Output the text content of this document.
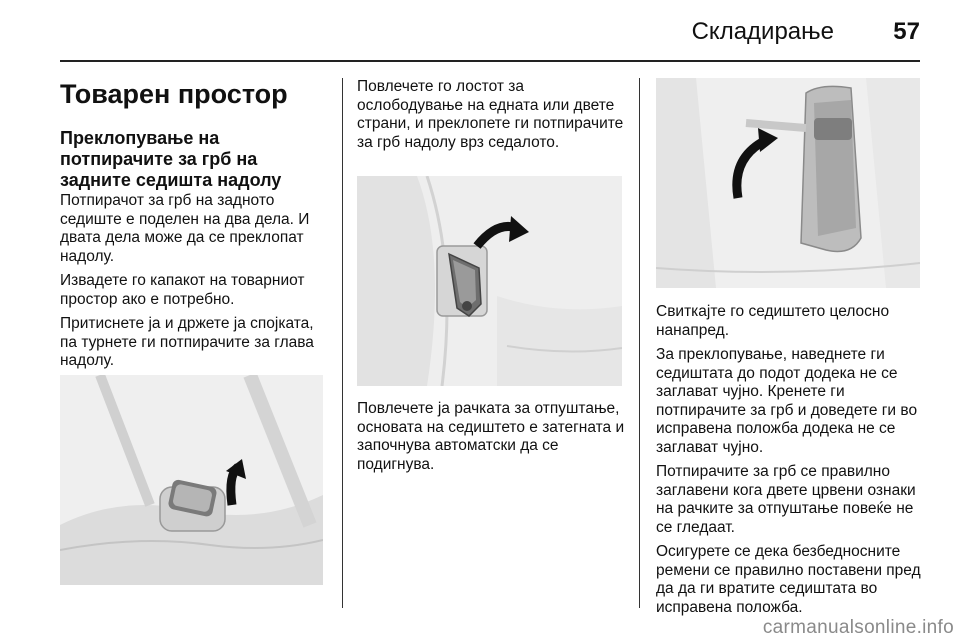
Складирање 57
Товарен простор
Преклопување на потпирачите за грб на задните седишта надолу

Потпирачот за грб на задното седиште е поделен на два дела. И двата дела може да се преклопат надолу.

Извадете го капакот на товарниот простор ако е потребно.

Притиснете ја и држете ја спојката, па турнете ги потпирачите за глава надолу.

Повлечете го лостот за ослободување на едната или двете страни, и преклопете ги потпирачите за грб надолу врз седалото.

Повлечете ја рачката за отпуштање, основата на седиштето е затегната и започнува автоматски да се подигнува.

Свиткајте го седиштето целосно нанапред.

За преклопување, наведнете ги седиштата до подот додека не се заглават чујно. Кренете ги потпирачите за грб и доведете ги во исправена положба додека не се заглават чујно.

Потпирачите за грб се правилно заглавени кога двете црвени ознаки на рачките за отпуштање повеќе не се гледаат.

Осигурете се дека безбедносните ремени се правилно поставени пред да да ги вратите седиштата во исправена положба.

carmanualsonline.info
